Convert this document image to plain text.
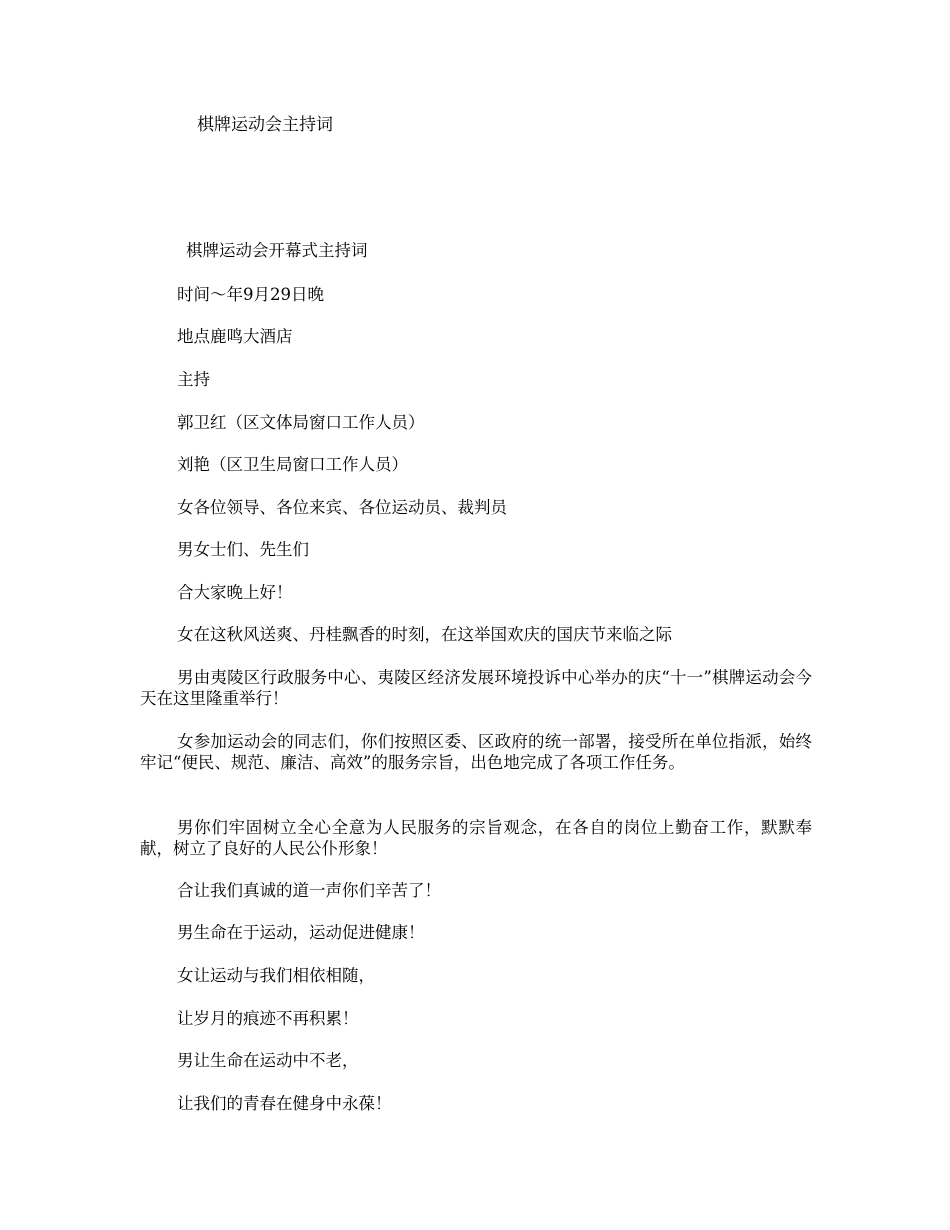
棋牌运动会主持词

棋牌运动会开幕式主持词

时间～年9月29日晚

地点鹿鸣大酒店

主持

郭卫红（区文体局窗口工作人员）

刘艳（区卫生局窗口工作人员）

女各位领导、各位来宾、各位运动员、裁判员

男女士们、先生们

合大家晚上好！

女在这秋风送爽、丹桂飘香的时刻，在这举国欢庆的国庆节来临之际

男由夷陵区行政服务中心、夷陵区经济发展环境投诉中心举办的庆“十一”棋牌运动会今天在这里隆重举行！

女参加运动会的同志们，你们按照区委、区政府的统一部署，接受所在单位指派，始终牢记“便民、规范、廉洁、高效”的服务宗旨，出色地完成了各项工作任务。

男你们牢固树立全心全意为人民服务的宗旨观念，在各自的岗位上勤奋工作，默默奉献，树立了良好的人民公仆形象！

合让我们真诚的道一声你们辛苦了！

男生命在于运动，运动促进健康！

女让运动与我们相依相随，

让岁月的痕迹不再积累！

男让生命在运动中不老，

让我们的青春在健身中永葆！
